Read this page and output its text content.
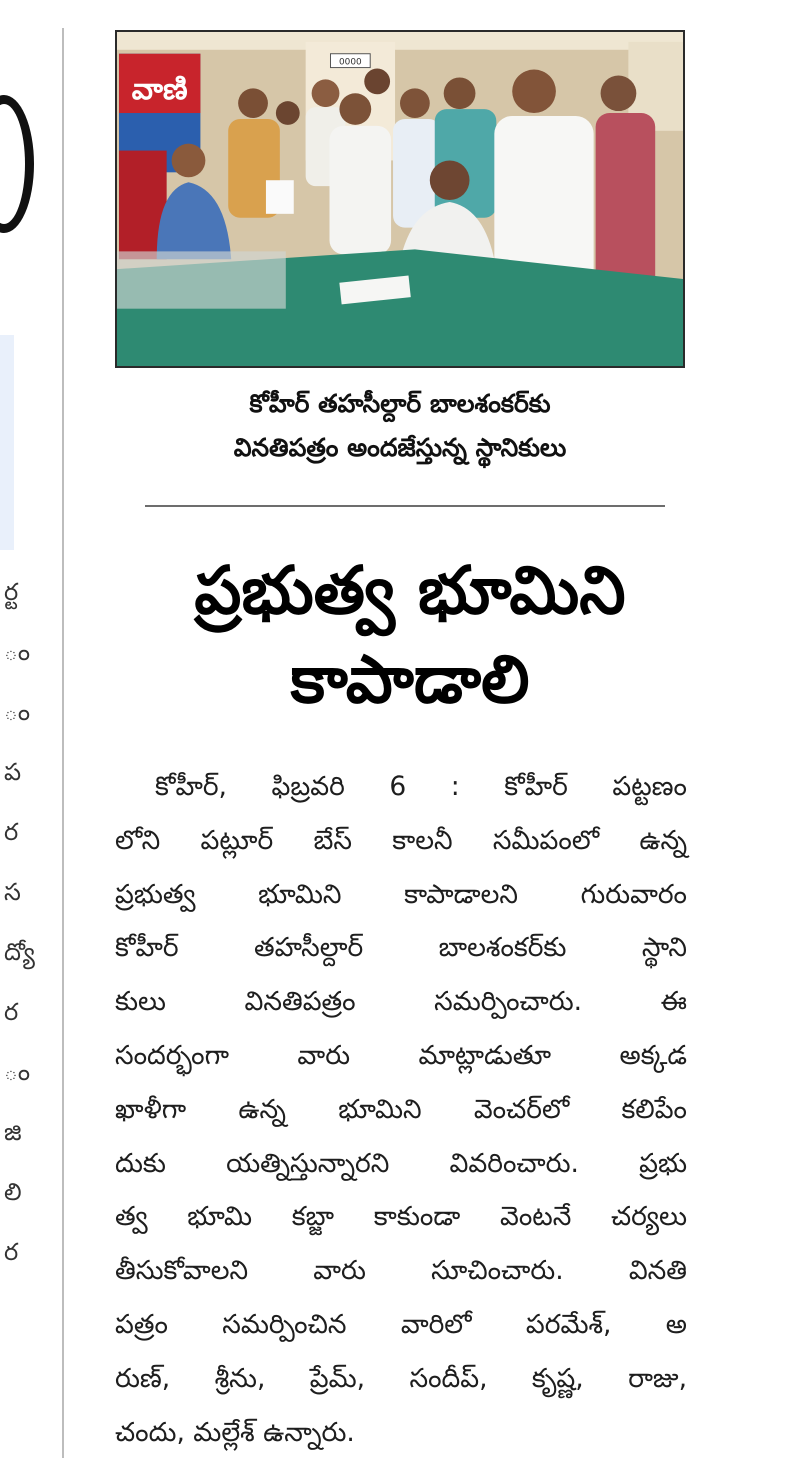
ర్ట
ం
ం
ప
ర
స
ద్యో
ర
ం
జి
లి
ర
0000
వాణి
కోహీర్ తహసీల్దార్ బాలశంకర్‌కు
వినతిపత్రం అందజేస్తున్న స్థానికులు
ప్రభుత్వ భూమిని
కాపాడాలి

కోహీర్, ఫిబ్రవరి 6 : కోహీర్ పట్టణం

లోని పట్లూర్ బేస్ కాలనీ సమీపంలో ఉన్న

ప్రభుత్వ భూమిని కాపాడాలని గురువారం

కోహీర్ తహసీల్దార్ బాలశంకర్‌కు స్థాని

కులు వినతిపత్రం సమర్పించారు. ఈ

సందర్భంగా వారు మాట్లాడుతూ అక్కడ

ఖాళీగా ఉన్న భూమిని వెంచర్‌లో కలిపేం

దుకు యత్నిస్తున్నారని వివరించారు. ప్రభు

త్వ భూమి కబ్జా కాకుండా వెంటనే చర్యలు

తీసుకోవాలని వారు సూచించారు. వినతి

పత్రం సమర్పించిన వారిలో పరమేశ్, అ

రుణ్, శ్రీను, ప్రేమ్, సందీప్, కృష్ణ, రాజు,

చందు, మల్లేశ్ ఉన్నారు.
